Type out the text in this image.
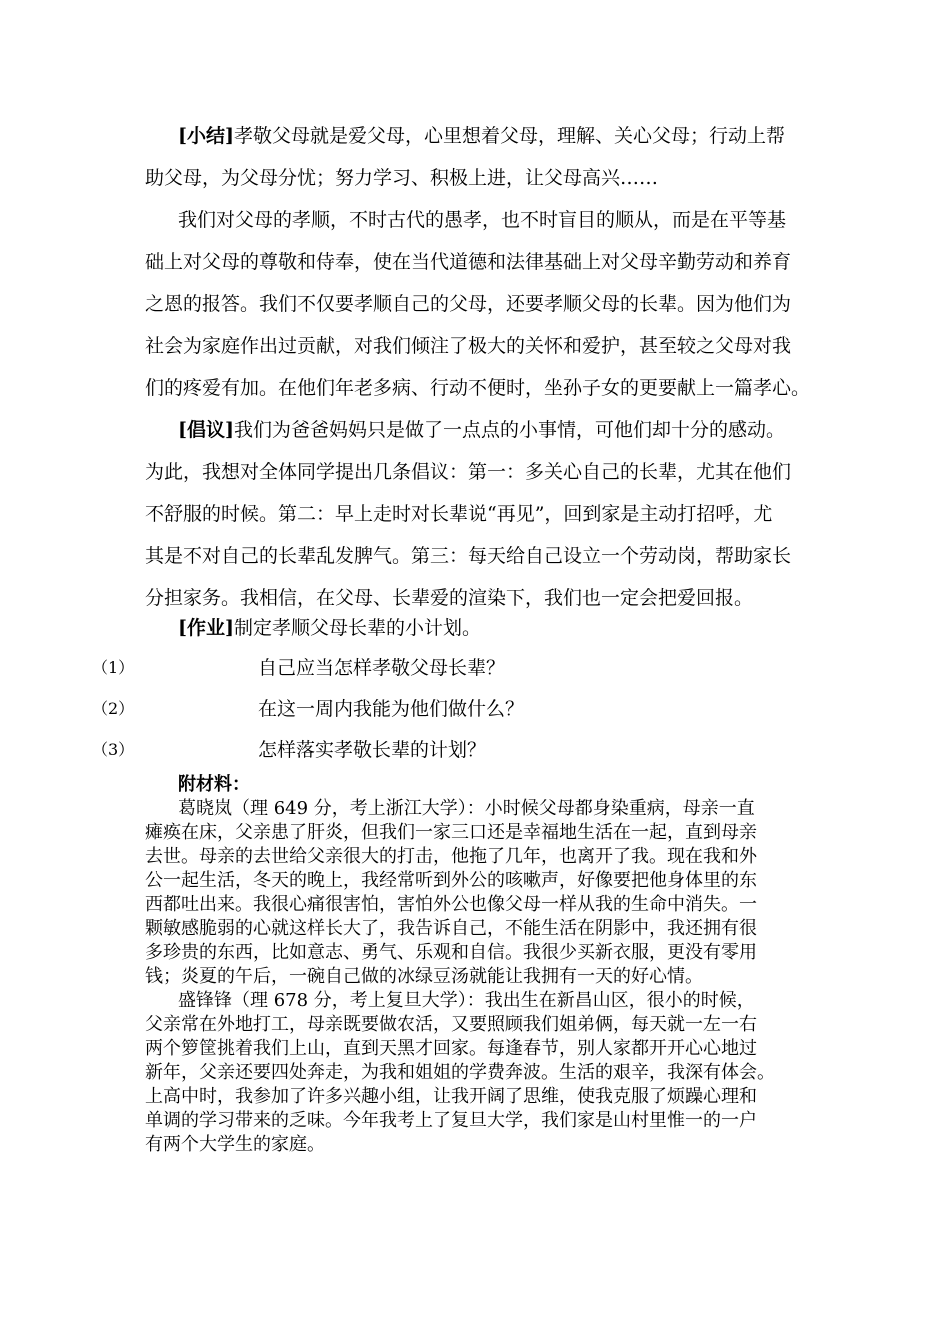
[小结]孝敬父母就是爱父母，心里想着父母，理解、关心父母；行动上帮
助父母，为父母分忧；努力学习、积极上进，让父母高兴……
我们对父母的孝顺，不时古代的愚孝，也不时盲目的顺从，而是在平等基
础上对父母的尊敬和侍奉，使在当代道德和法律基础上对父母辛勤劳动和养育
之恩的报答。我们不仅要孝顺自己的父母，还要孝顺父母的长辈。因为他们为
社会为家庭作出过贡献，对我们倾注了极大的关怀和爱护，甚至较之父母对我
们的疼爱有加。在他们年老多病、行动不便时，坐孙子女的更要献上一篇孝心。
[倡议]我们为爸爸妈妈只是做了一点点的小事情，可他们却十分的感动。
为此，我想对全体同学提出几条倡议：第一：多关心自己的长辈，尤其在他们
不舒服的时候。第二：早上走时对长辈说“再见”，回到家是主动打招呼，尤
其是不对自己的长辈乱发脾气。第三：每天给自己设立一个劳动岗，帮助家长
分担家务。我相信，在父母、长辈爱的渲染下，我们也一定会把爱回报。
[作业]制定孝顺父母长辈的小计划。
（1）	自己应当怎样孝敬父母长辈？
（2）	在这一周内我能为他们做什么？
（3）	怎样落实孝敬长辈的计划？
附材料：
葛晓岚（理 649 分，考上浙江大学）：小时候父母都身染重病，母亲一直
瘫痪在床，父亲患了肝炎，但我们一家三口还是幸福地生活在一起，直到母亲
去世。母亲的去世给父亲很大的打击，他拖了几年，也离开了我。现在我和外
公一起生活，冬天的晚上，我经常听到外公的咳嗽声，好像要把他身体里的东
西都吐出来。我很心痛很害怕，害怕外公也像父母一样从我的生命中消失。一
颗敏感脆弱的心就这样长大了，我告诉自己，不能生活在阴影中，我还拥有很
多珍贵的东西，比如意志、勇气、乐观和自信。我很少买新衣服，更没有零用
钱；炎夏的午后，一碗自己做的冰绿豆汤就能让我拥有一天的好心情。
盛锋锋（理 678 分，考上复旦大学）：我出生在新昌山区，很小的时候，
父亲常在外地打工，母亲既要做农活，又要照顾我们姐弟俩，每天就一左一右
两个箩筐挑着我们上山，直到天黑才回家。每逢春节，别人家都开开心心地过
新年，父亲还要四处奔走，为我和姐姐的学费奔波。生活的艰辛，我深有体会。
上高中时，我参加了许多兴趣小组，让我开阔了思维，使我克服了烦躁心理和
单调的学习带来的乏味。今年我考上了复旦大学，我们家是山村里惟一的一户
有两个大学生的家庭。
